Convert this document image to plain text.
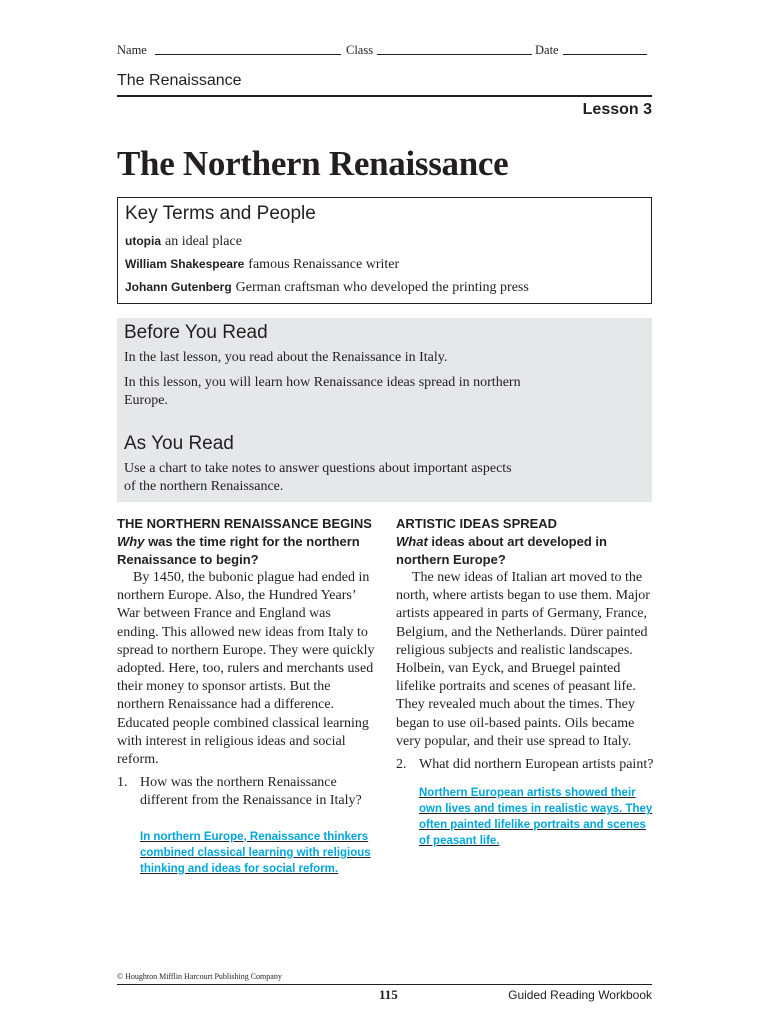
Name	Class	Date
The Renaissance
Lesson 3
The Northern Renaissance
Key Terms and People
utopia an ideal place
William Shakespeare famous Renaissance writer
Johann Gutenberg German craftsman who developed the printing press
Before You Read
In the last lesson, you read about the Renaissance in Italy.
In this lesson, you will learn how Renaissance ideas spread in northern Europe.
As You Read
Use a chart to take notes to answer questions about important aspects of the northern Renaissance.
THE NORTHERN RENAISSANCE BEGINS
Why was the time right for the northern Renaissance to begin?

By 1450, the bubonic plague had ended in northern Europe. Also, the Hundred Years’ War between France and England was ending. This allowed new ideas from Italy to spread to northern Europe. They were quickly adopted. Here, too, rulers and merchants used their money to sponsor artists. But the northern Renaissance had a difference. Educated people combined classical learning with interest in religious ideas and social reform.

1. How was the northern Renaissance different from the Renaissance in Italy?
In northern Europe, Renaissance thinkers combined classical learning with religious thinking and ideas for social reform.
ARTISTIC IDEAS SPREAD
What ideas about art developed in northern Europe?

The new ideas of Italian art moved to the north, where artists began to use them. Major artists appeared in parts of Germany, France, Belgium, and the Netherlands. Dürer painted religious subjects and realistic landscapes. Holbein, van Eyck, and Bruegel painted lifelike portraits and scenes of peasant life. They revealed much about the times. They began to use oil-based paints. Oils became very popular, and their use spread to Italy.

2. What did northern European artists paint?
Northern European artists showed their own lives and times in realistic ways. They often painted lifelike portraits and scenes of peasant life.
© Houghton Mifflin Harcourt Publishing Company
115	Guided Reading Workbook
